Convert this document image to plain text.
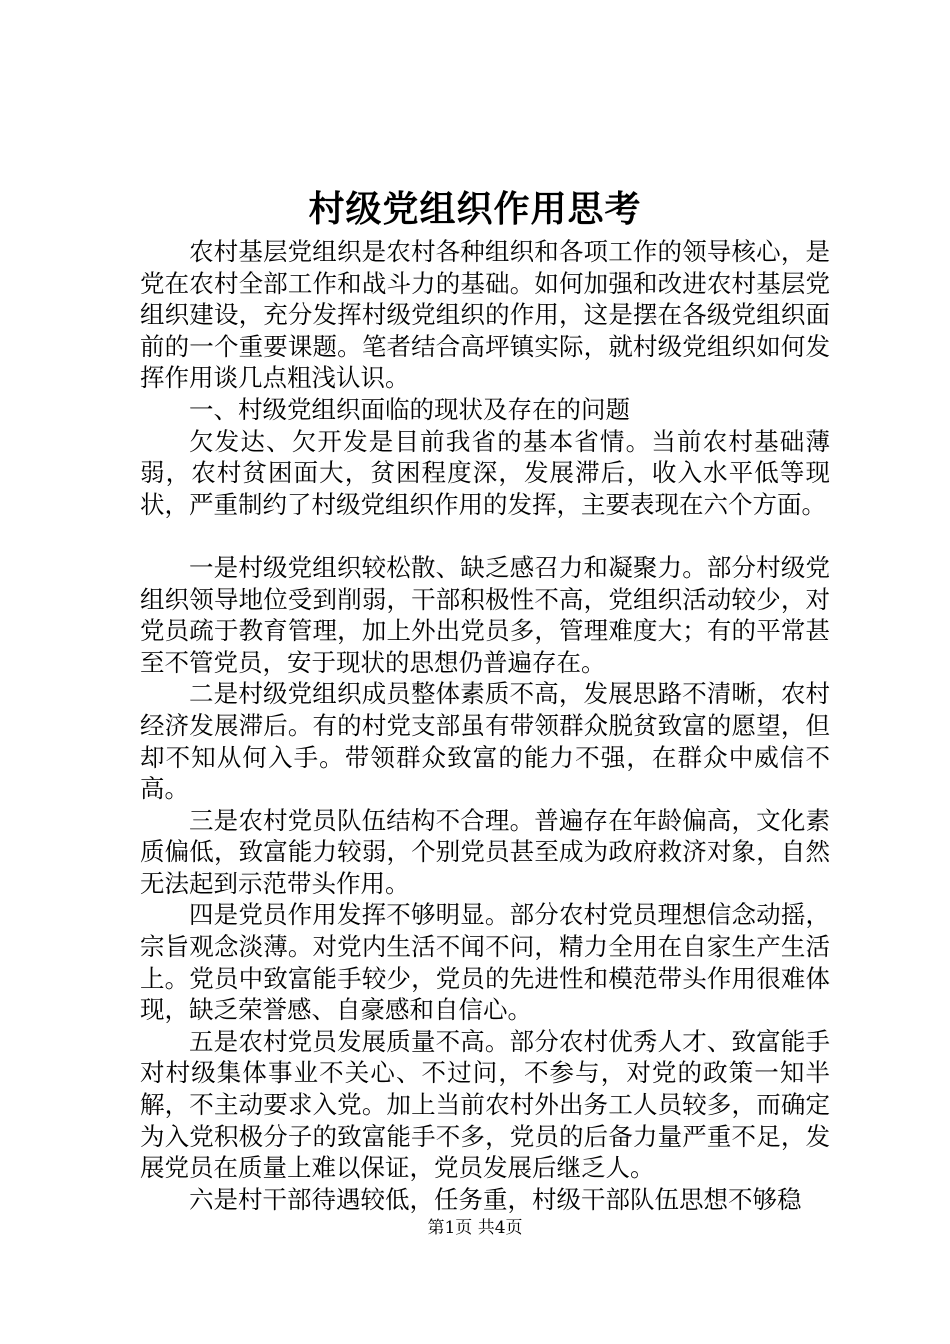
村级党组织作用思考

农村基层党组织是农村各种组织和各项工作的领导核心，是党在农村全部工作和战斗力的基础。如何加强和改进农村基层党组织建设，充分发挥村级党组织的作用，这是摆在各级党组织面前的一个重要课题。笔者结合高坪镇实际，就村级党组织如何发挥作用谈几点粗浅认识。

一、村级党组织面临的现状及存在的问题

欠发达、欠开发是目前我省的基本省情。当前农村基础薄弱，农村贫困面大，贫困程度深，发展滞后，收入水平低等现状，严重制约了村级党组织作用的发挥，主要表现在六个方面。

一是村级党组织较松散、缺乏感召力和凝聚力。部分村级党组织领导地位受到削弱，干部积极性不高，党组织活动较少，对党员疏于教育管理，加上外出党员多，管理难度大；有的平常甚至不管党员，安于现状的思想仍普遍存在。

二是村级党组织成员整体素质不高，发展思路不清晰，农村经济发展滞后。有的村党支部虽有带领群众脱贫致富的愿望，但却不知从何入手。带领群众致富的能力不强，在群众中威信不高。

三是农村党员队伍结构不合理。普遍存在年龄偏高，文化素质偏低，致富能力较弱，个别党员甚至成为政府救济对象，自然无法起到示范带头作用。

四是党员作用发挥不够明显。部分农村党员理想信念动摇，宗旨观念淡薄。对党内生活不闻不问，精力全用在自家生产生活上。党员中致富能手较少，党员的先进性和模范带头作用很难体现，缺乏荣誉感、自豪感和自信心。

五是农村党员发展质量不高。部分农村优秀人才、致富能手对村级集体事业不关心、不过问，不参与，对党的政策一知半解，不主动要求入党。加上当前农村外出务工人员较多，而确定为入党积极分子的致富能手不多，党员的后备力量严重不足，发展党员在质量上难以保证，党员发展后继乏人。

六是村干部待遇较低，任务重，村级干部队伍思想不够稳

第1页 共4页
